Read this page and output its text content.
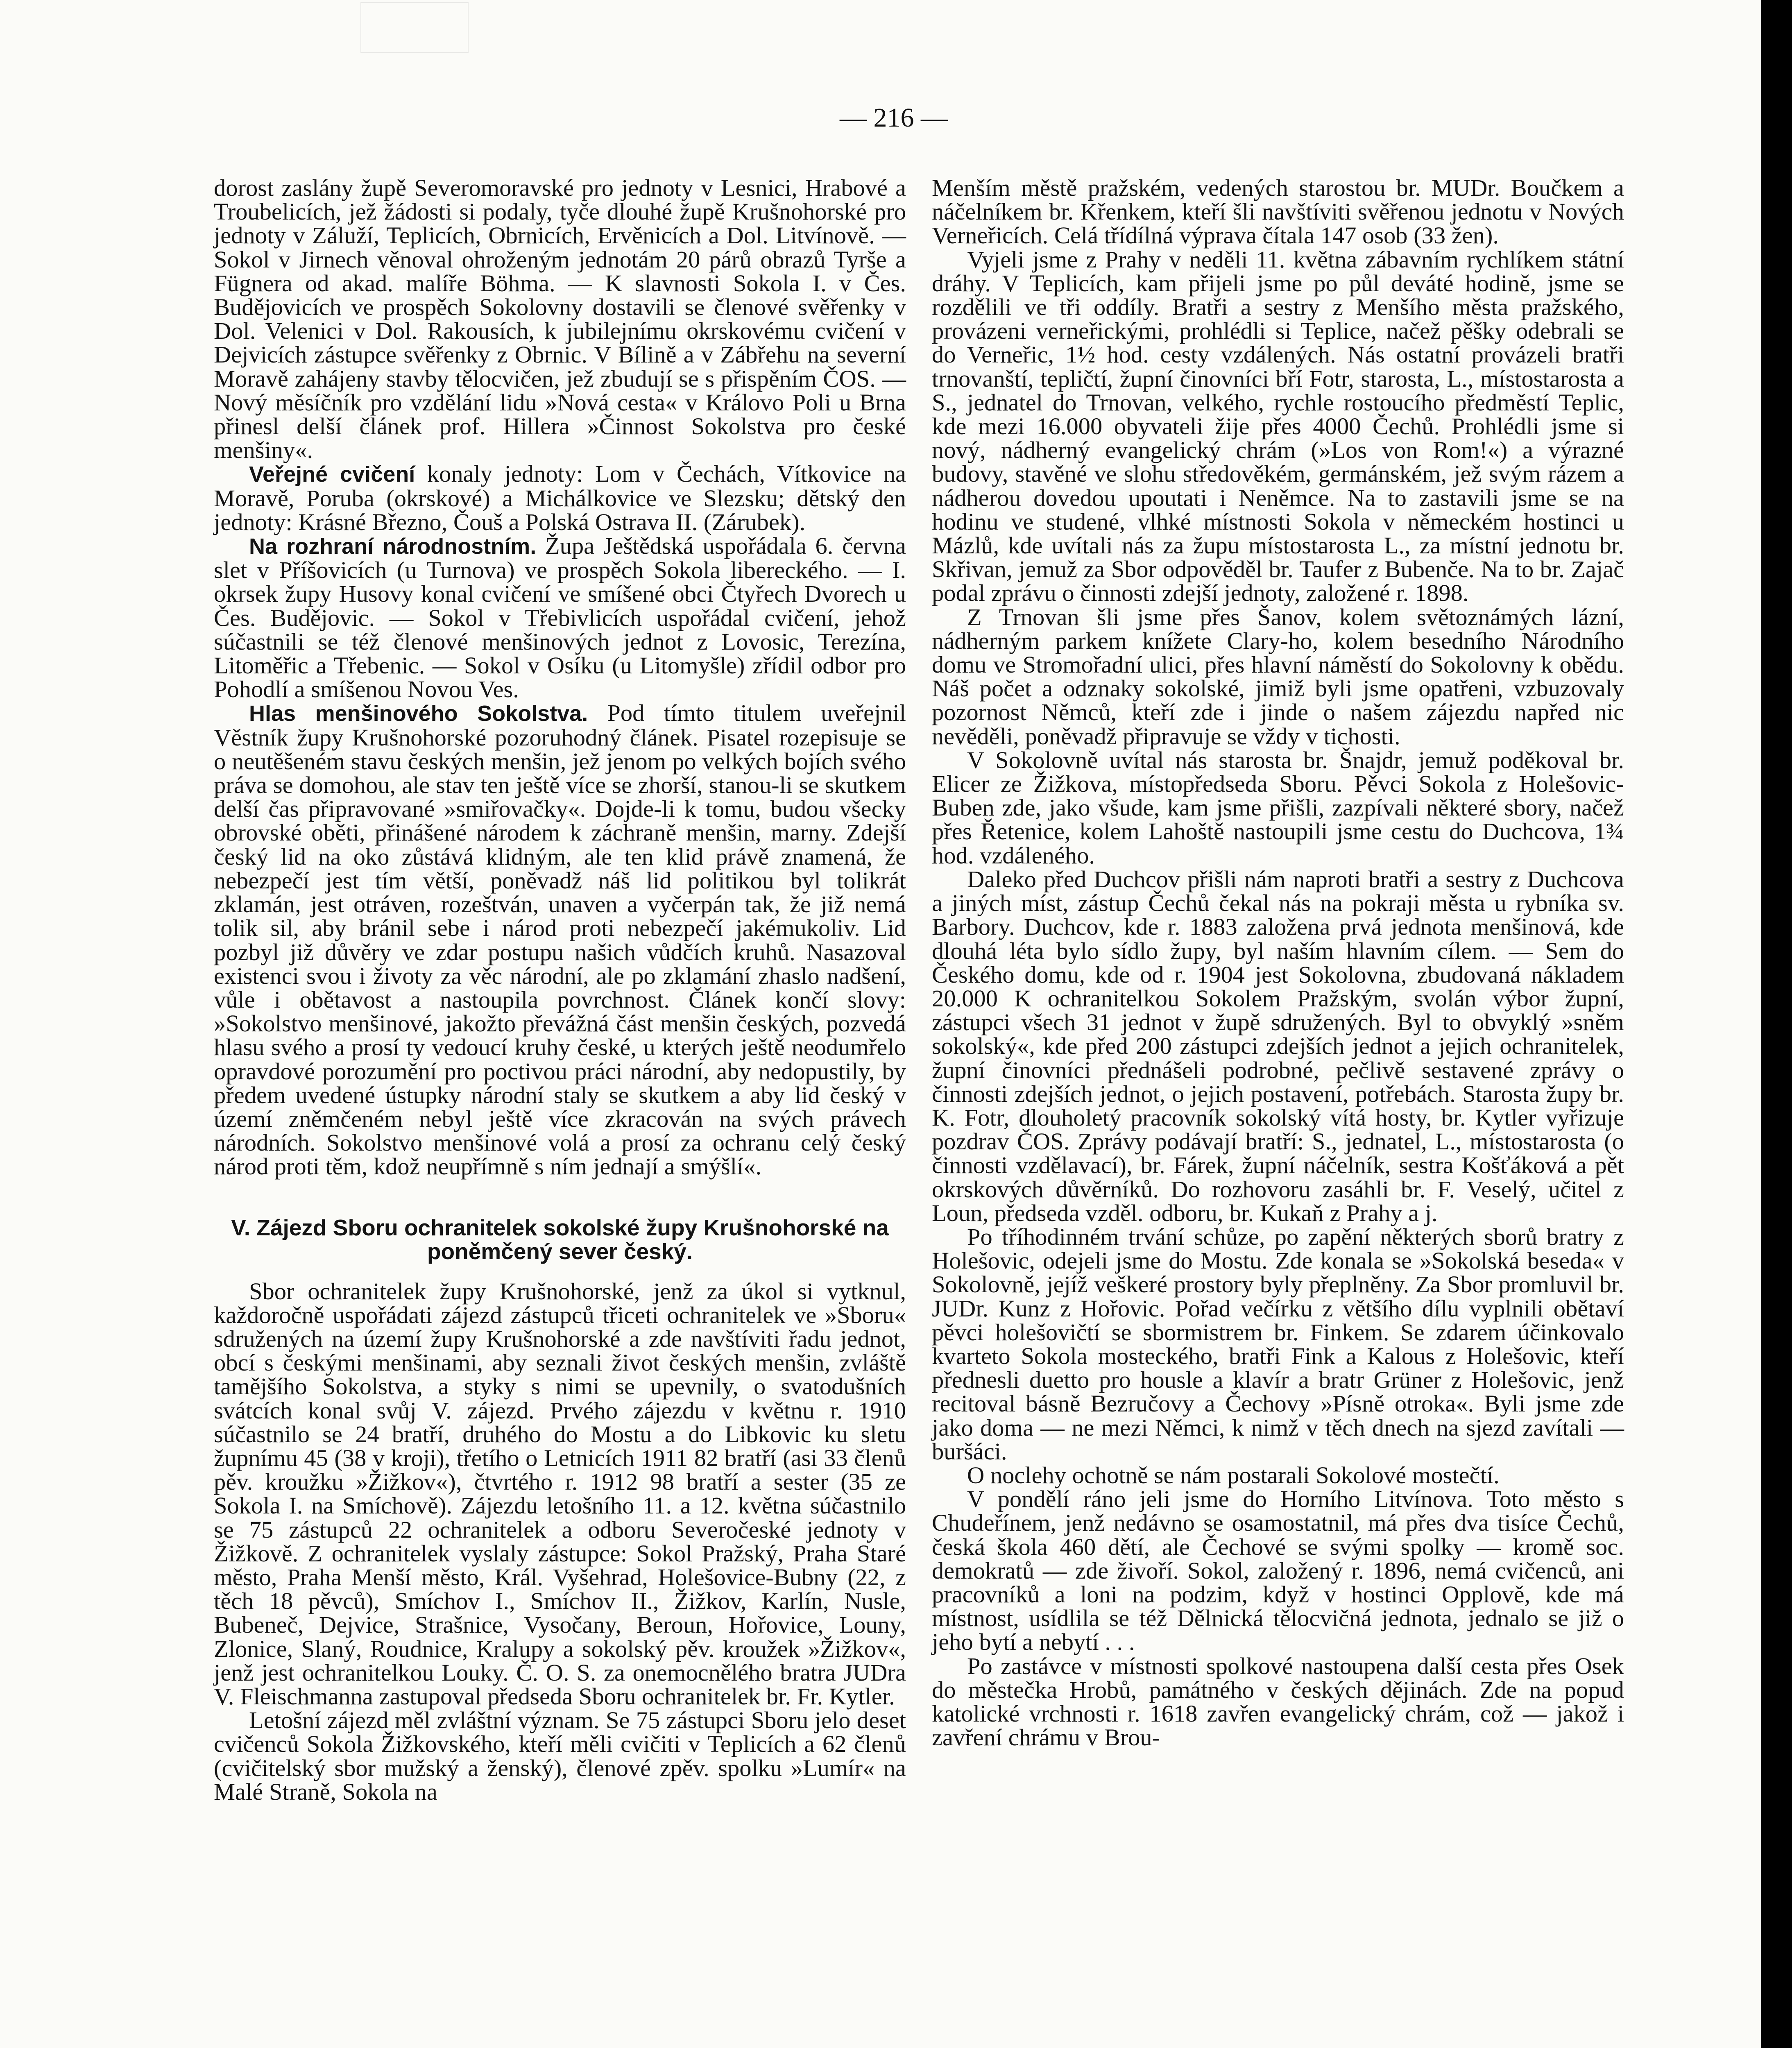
— 216 —

dorost zaslány župě Severomoravské pro jednoty v Lesnici, Hrabové a Troubelicích, jež žádosti si podaly, tyče dlouhé župě Krušnohorské pro jednoty v Záluží, Teplicích, Obrnicích, Ervěnicích a Dol. Litvínově. — Sokol v Jirnech věnoval ohroženým jednotám 20 párů obrazů Tyrše a Fügnera od akad. malíře Böhma. — K slavnosti Sokola I. v Čes. Budějovicích ve prospěch Sokolovny dostavili se členové svěřenky v Dol. Velenici v Dol. Rakousích, k jubilejnímu okrskovému cvičení v Dejvicích zástupce svěřenky z Obrnic. V Bílině a v Zábřehu na severní Moravě zahájeny stavby tělocvičen, jež zbudují se s přispěním ČOS. — Nový měsíčník pro vzdělání lidu »Nová cesta« v Královo Poli u Brna přinesl delší článek prof. Hillera »Činnost Sokolstva pro české menšiny«.

Veřejné cvičení konaly jednoty: Lom v Čechách, Vítkovice na Moravě, Poruba (okrskové) a Michálkovice ve Slezsku; dětský den jednoty: Krásné Březno, Čouš a Polská Ostrava II. (Zárubek).

Na rozhraní národnostním. Župa Ještědská uspořádala 6. června slet v Příšovicích (u Turnova) ve prospěch Sokola libereckého. — I. okrsek župy Husovy konal cvičení ve smíšené obci Čtyřech Dvorech u Čes. Budějovic. — Sokol v Třebivlicích uspořádal cvičení, jehož súčastnili se též členové menšinových jednot z Lovosic, Terezína, Litoměřic a Třebenic. — Sokol v Osíku (u Litomyšle) zřídil odbor pro Pohodlí a smíšenou Novou Ves.

Hlas menšinového Sokolstva. Pod tímto titulem uveřejnil Věstník župy Krušnohorské pozoruhodný článek. Pisatel rozepisuje se o neutěšeném stavu českých menšin, jež jenom po velkých bojích svého práva se domohou, ale stav ten ještě více se zhorší, stanou-li se skutkem delší čas připravované »smiřovačky«. Dojde-li k tomu, budou všecky obrovské oběti, přinášené národem k záchraně menšin, marny. Zdejší český lid na oko zůstává klidným, ale ten klid právě znamená, že nebezpečí jest tím větší, poněvadž náš lid politikou byl tolikrát zklamán, jest otráven, rozeštván, unaven a vyčerpán tak, že již nemá tolik sil, aby bránil sebe i národ proti nebezpečí jakémukoliv. Lid pozbyl již důvěry ve zdar postupu našich vůdčích kruhů. Nasazoval existenci svou i životy za věc národní, ale po zklamání zhaslo nadšení, vůle i obětavost a nastoupila povrchnost. Článek končí slovy: »Sokolstvo menšinové, jakožto převážná část menšin českých, pozvedá hlasu svého a prosí ty vedoucí kruhy české, u kterých ještě neodumřelo opravdové porozumění pro poctivou práci národní, aby nedopustily, by předem uvedené ústupky národní staly se skutkem a aby lid český v území zněmčeném nebyl ještě více zkracován na svých právech národních. Sokolstvo menšinové volá a prosí za ochranu celý český národ proti těm, kdož neupřímně s ním jednají a smýšlí«.

V. Zájezd Sboru ochranitelek sokolské župy Krušnohorské na poněmčený sever český.

Sbor ochranitelek župy Krušnohorské, jenž za úkol si vytknul, každoročně uspořádati zájezd zástupců třiceti ochranitelek ve »Sboru« sdružených na území župy Krušnohorské a zde navštíviti řadu jednot, obcí s českými menšinami, aby seznali život českých menšin, zvláště tamějšího Sokolstva, a styky s nimi se upevnily, o svatodušních svátcích konal svůj V. zájezd. Prvého zájezdu v květnu r. 1910 súčastnilo se 24 bratří, druhého do Mostu a do Libkovic ku sletu župnímu 45 (38 v kroji), třetího o Letnicích 1911 82 bratří (asi 33 členů pěv. kroužku »Žižkov«), čtvrtého r. 1912 98 bratří a sester (35 ze Sokola I. na Smíchově). Zájezdu letošního 11. a 12. května súčastnilo se 75 zástupců 22 ochranitelek a odboru Severočeské jednoty v Žižkově. Z ochranitelek vyslaly zástupce: Sokol Pražský, Praha Staré město, Praha Menší město, Král. Vyšehrad, Holešovice-Bubny (22, z těch 18 pěvců), Smíchov I., Smíchov II., Žižkov, Karlín, Nusle, Bubeneč, Dejvice, Strašnice, Vysočany, Beroun, Hořovice, Louny, Zlonice, Slaný, Roudnice, Kralupy a sokolský pěv. kroužek »Žižkov«, jenž jest ochranitelkou Louky. Č. O. S. za onemocnělého bratra JUDra V. Fleischmanna zastupoval předseda Sboru ochranitelek br. Fr. Kytler.

Letošní zájezd měl zvláštní význam. Se 75 zástupci Sboru jelo deset cvičenců Sokola Žižkovského, kteří měli cvičiti v Teplicích a 62 členů (cvičitelský sbor mužský a ženský), členové zpěv. spolku »Lumír« na Malé Straně, Sokola na

Menším městě pražském, vedených starostou br. MUDr. Boučkem a náčelníkem br. Křenkem, kteří šli navštíviti svěřenou jednotu v Nových Verneřicích. Celá třídílná výprava čítala 147 osob (33 žen).

Vyjeli jsme z Prahy v neděli 11. května zábavním rychlíkem státní dráhy. V Teplicích, kam přijeli jsme po půl deváté hodině, jsme se rozdělili ve tři oddíly. Bratři a sestry z Menšího města pražského, provázeni verneřickými, prohlédli si Teplice, načež pěšky odebrali se do Verneřic, 1½ hod. cesty vzdálených. Nás ostatní provázeli bratři trnovanští, tepličtí, župní činovníci bří Fotr, starosta, L., místostarosta a S., jednatel do Trnovan, velkého, rychle rostoucího předměstí Teplic, kde mezi 16.000 obyvateli žije přes 4000 Čechů. Prohlédli jsme si nový, nádherný evangelický chrám (»Los von Rom!«) a výrazné budovy, stavěné ve slohu středověkém, germánském, jež svým rázem a nádherou dovedou upoutati i Neněmce. Na to zastavili jsme se na hodinu ve studené, vlhké místnosti Sokola v německém hostinci u Mázlů, kde uvítali nás za župu místostarosta L., za místní jednotu br. Skřivan, jemuž za Sbor odpověděl br. Taufer z Bubenče. Na to br. Zajač podal zprávu o činnosti zdejší jednoty, založené r. 1898.

Z Trnovan šli jsme přes Šanov, kolem světoznámých lázní, nádherným parkem knížete Clary-ho, kolem besedního Národního domu ve Stromořadní ulici, přes hlavní náměstí do Sokolovny k obědu. Náš počet a odznaky sokolské, jimiž byli jsme opatřeni, vzbuzovaly pozornost Němců, kteří zde i jinde o našem zájezdu napřed nic nevěděli, poněvadž připravuje se vždy v tichosti.

V Sokolovně uvítal nás starosta br. Šnajdr, jemuž poděkoval br. Elicer ze Žižkova, místopředseda Sboru. Pěvci Sokola z Holešovic-Buben zde, jako všude, kam jsme přišli, zazpívali některé sbory, načež přes Řetenice, kolem Lahoště nastoupili jsme cestu do Duchcova, 1¾ hod. vzdáleného.

Daleko před Duchcov přišli nám naproti bratři a sestry z Duchcova a jiných míst, zástup Čechů čekal nás na pokraji města u rybníka sv. Barbory. Duchcov, kde r. 1883 založena prvá jednota menšinová, kde dlouhá léta bylo sídlo župy, byl naším hlavním cílem. — Sem do Českého domu, kde od r. 1904 jest Sokolovna, zbudovaná nákladem 20.000 K ochranitelkou Sokolem Pražským, svolán výbor župní, zástupci všech 31 jednot v župě sdružených. Byl to obvyklý »sněm sokolský«, kde před 200 zástupci zdejších jednot a jejich ochranitelek, župní činovníci přednášeli podrobné, pečlivě sestavené zprávy o činnosti zdejších jednot, o jejich postavení, potřebách. Starosta župy br. K. Fotr, dlouholetý pracovník sokolský vítá hosty, br. Kytler vyřizuje pozdrav ČOS. Zprávy podávají bratří: S., jednatel, L., místostarosta (o činnosti vzdělavací), br. Fárek, župní náčelník, sestra Košťáková a pět okrskových důvěrníků. Do rozhovoru zasáhli br. F. Veselý, učitel z Loun, předseda vzděl. odboru, br. Kukaň z Prahy a j.

Po tříhodinném trvání schůze, po zapění některých sborů bratry z Holešovic, odejeli jsme do Mostu. Zde konala se »Sokolská beseda« v Sokolovně, jejíž veškeré prostory byly přeplněny. Za Sbor promluvil br. JUDr. Kunz z Hořovic. Pořad večírku z většího dílu vyplnili obětaví pěvci holešovičtí se sbormistrem br. Finkem. Se zdarem účinkovalo kvarteto Sokola mosteckého, bratři Fink a Kalous z Holešovic, kteří přednesli duetto pro housle a klavír a bratr Grüner z Holešovic, jenž recitoval básně Bezručovy a Čechovy »Písně otroka«. Byli jsme zde jako doma — ne mezi Němci, k nimž v těch dnech na sjezd zavítali — buršáci.

O noclehy ochotně se nám postarali Sokolové mostečtí.

V pondělí ráno jeli jsme do Horního Litvínova. Toto město s Chudeřínem, jenž nedávno se osamostatnil, má přes dva tisíce Čechů, česká škola 460 dětí, ale Čechové se svými spolky — kromě soc. demokratů — zde živoří. Sokol, založený r. 1896, nemá cvičenců, ani pracovníků a loni na podzim, když v hostinci Opplově, kde má místnost, usídlila se též Dělnická tělocvičná jednota, jednalo se již o jeho bytí a nebytí . . .

Po zastávce v místnosti spolkové nastoupena další cesta přes Osek do městečka Hrobů, památného v českých dějinách. Zde na popud katolické vrchnosti r. 1618 zavřen evangelický chrám, což — jakož i zavření chrámu v Brou-
